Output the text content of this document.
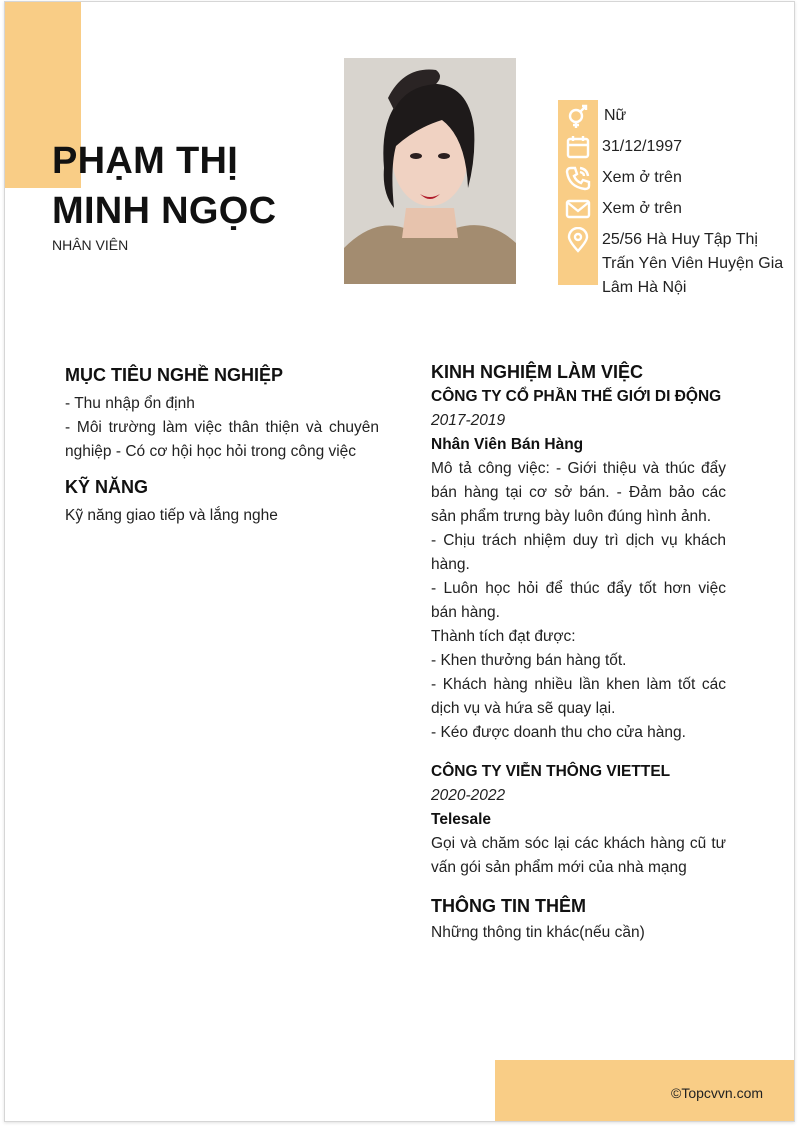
PHẠM THỊ
MINH NGỌC
NHÂN VIÊN
Nữ
31/12/1997
Xem ở trên
Xem ở trên
25/56 Hà Huy Tập Thị
Trấn Yên Viên Huyện Gia
Lâm Hà Nội
MỤC TIÊU NGHỀ NGHIỆP

- Thu nhập ổn định

- Môi trường làm việc thân thiện và chuyên nghiệp - Có cơ hội học hỏi trong công việc

KỸ NĂNG

Kỹ năng giao tiếp và lắng nghe

KINH NGHIỆM LÀM VIỆC

CÔNG TY CỔ PHẦN THẾ GIỚI DI ĐỘNG

2017-2019

Nhân Viên Bán Hàng

Mô tả công việc: - Giới thiệu và thúc đẩy bán hàng tại cơ sở bán. - Đảm bảo các sản phẩm trưng bày luôn đúng hình ảnh.

- Chịu trách nhiệm duy trì dịch vụ khách hàng.

- Luôn học hỏi để thúc đẩy tốt hơn việc bán hàng.

Thành tích đạt được:

- Khen thưởng bán hàng tốt.

- Khách hàng nhiều lần khen làm tốt các dịch vụ và hứa sẽ quay lại.

- Kéo được doanh thu cho cửa hàng.

CÔNG TY VIỄN THÔNG VIETTEL

2020-2022

Telesale

Gọi và chăm sóc lại các khách hàng cũ tư vấn gói sản phẩm mới của nhà mạng

THÔNG TIN THÊM

Những thông tin khác(nếu cần)

©Topcvvn.com
